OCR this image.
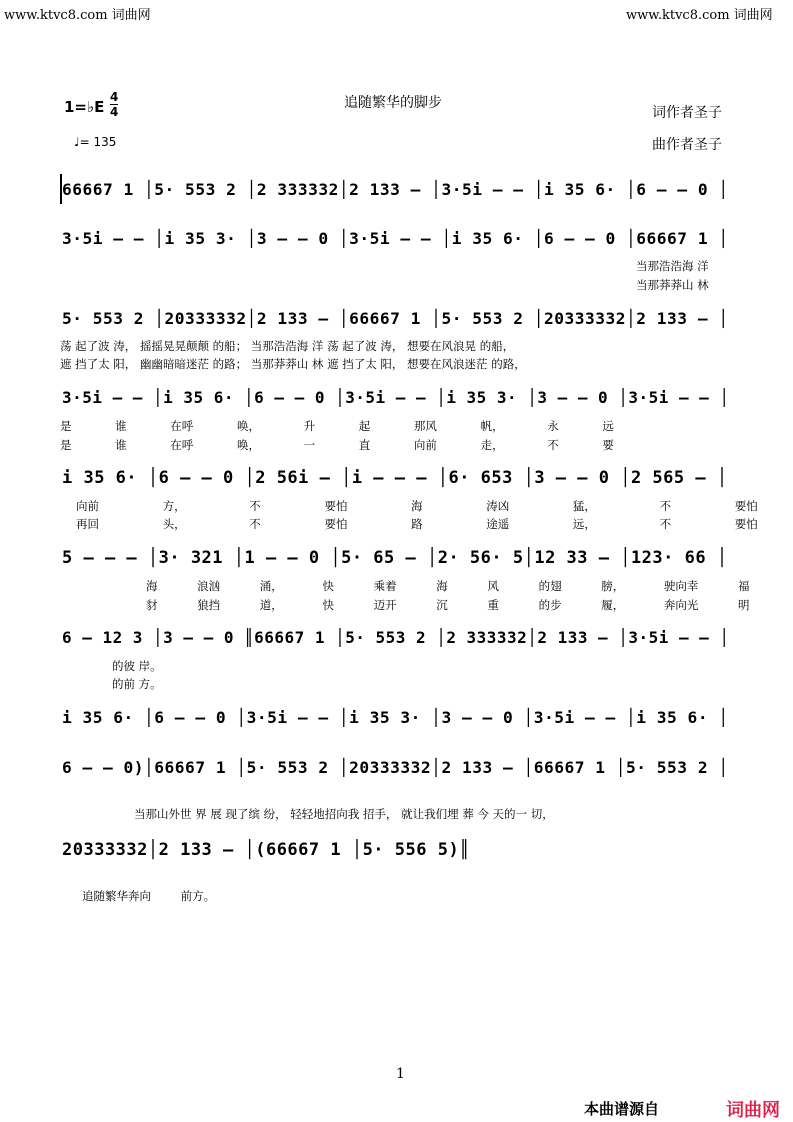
www.ktvc8.com 词曲网	www.ktvc8.com 词曲网
1=♭E
4
4
追随繁华的脚步
词作者圣子
曲作者圣子
♩= 135
66667 1 │5· 553 2 │2 333332│2 133 – │3·5i – – │i 35 6· │6 – – 0 │
3·5i – – │i 35 3· │3 – – 0 │3·5i – – │i 35 6· │6 – – 0 │66667 1 │
5· 553 2 │20333332│2 133 – │66667 1 │5· 553 2 │20333332│2 133 – │
3·5i – – │i 35 6· │6 – – 0 │3·5i – – │i 35 3· │3 – – 0 │3·5i – – │
i 35 6· │6 – – 0 │2 56i – │i – – – │6· 653 │3 – – 0 │2 565 – │
5 – – – │3· 321 │1 – – 0 │5· 65 – │2· 56· 5│12 33 – │123· 66 │
6 – 12 3 │3 – – 0 ║66667 1 │5· 553 2 │2 333332│2 133 – │3·5i – – │
i 35 6· │6 – – 0 │3·5i – – │i 35 3· │3 – – 0 │3·5i – – │i 35 6· │
6 – – 0)│66667 1 │5· 553 2 │20333332│2 133 – │66667 1 │5· 553 2 │
20333332│2 133 – │(66667 1 │5· 556 5)║
当那浩浩海 洋
当那莽莽山 林
荡 起了波 涛， 摇摇晃晃颠颠 的船； 当那浩浩海 洋 荡 起了波 涛， 想要在风浪晃 的船，
遮 挡了太 阳， 幽幽暗暗迷茫 的路； 当那莽莽山 林 遮 挡了太 阳， 想要在风浪迷茫 的路，
是 谁 在呼 唤， 升 起 那风 帆， 永 远
是 谁 在呼 唤， 一 直 向前 走， 不 要
向前 方， 不 要怕 海 涛凶 猛， 不 要怕
再回 头， 不 要怕 路 途遥 远， 不 要怕
海 浪汹 涌， 快 乘着 海 风 的翅 膀， 驶向幸 福
豺 狼挡 道， 快 迈开 沉 重 的步 履， 奔向光 明
的彼 岸。
的前 方。
当那山外世 界 展 现了缤 纷， 轻轻地招向我 招手， 就让我们埋 葬 今 天的一 切，
追随繁华奔向 前方。
1
本曲谱源自	词曲网
